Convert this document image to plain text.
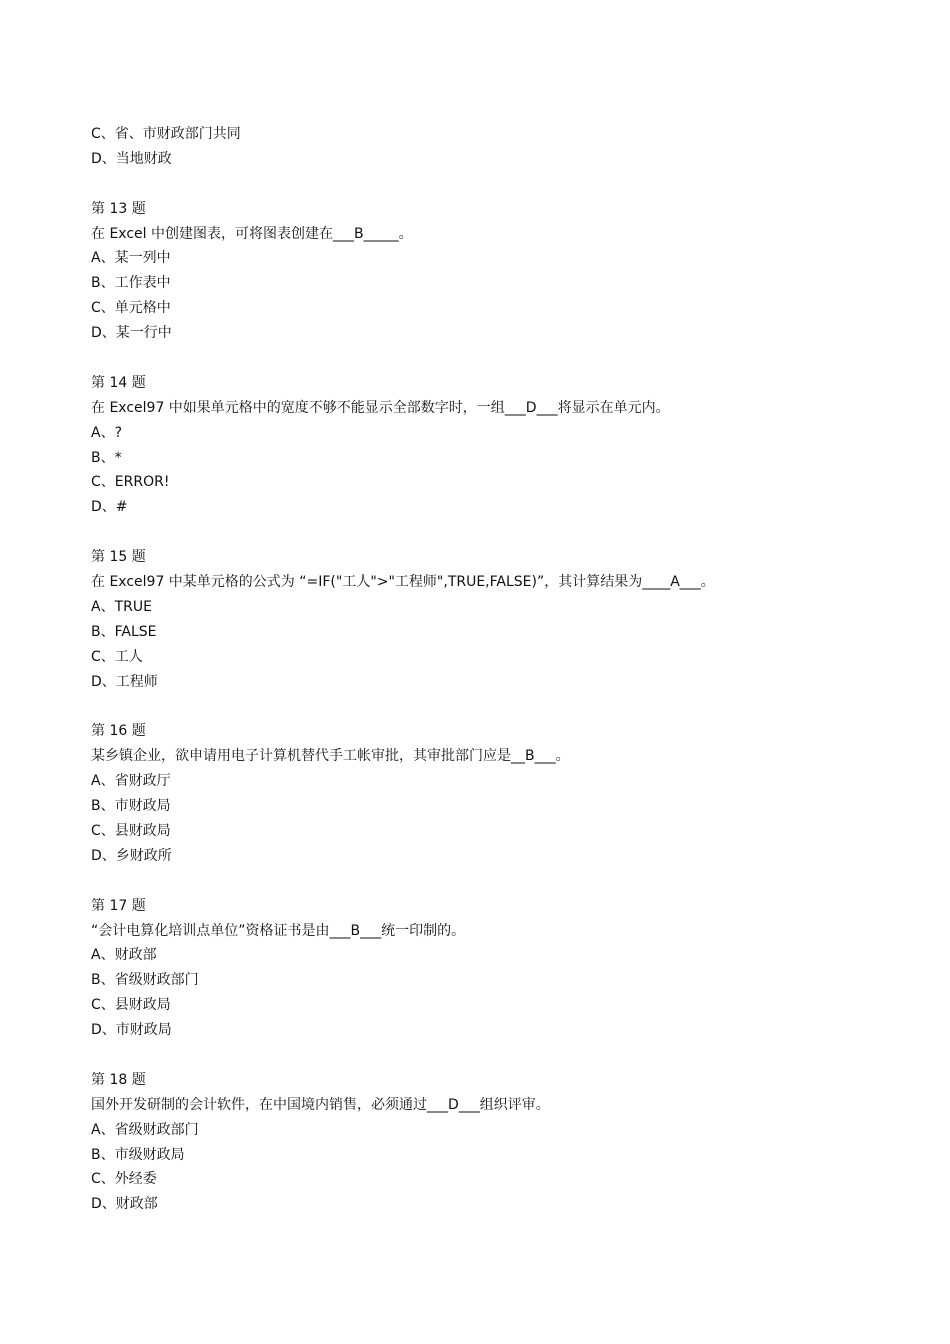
C、省、市财政部门共同
D、当地财政
第 13 题
在 Excel 中创建图表，可将图表创建在___B_____。
A、某一列中
B、工作表中
C、单元格中
D、某一行中
第 14 题
在 Excel97 中如果单元格中的宽度不够不能显示全部数字时，一组___D___将显示在单元内。
A、?
B、*
C、ERROR!
D、#
第 15 题
在 Excel97 中某单元格的公式为 “=IF("工人">"工程师",TRUE,FALSE)”，其计算结果为____A___。
A、TRUE
B、FALSE
C、工人
D、工程师
第 16 题
某乡镇企业，欲申请用电子计算机替代手工帐审批，其审批部门应是__B___。
A、省财政厅
B、市财政局
C、县财政局
D、乡财政所
第 17 题
“会计电算化培训点单位”资格证书是由___B___统一印制的。
A、财政部
B、省级财政部门
C、县财政局
D、市财政局
第 18 题
国外开发研制的会计软件，在中国境内销售，必须通过___D___组织评审。
A、省级财政部门
B、市级财政局
C、外经委
D、财政部
